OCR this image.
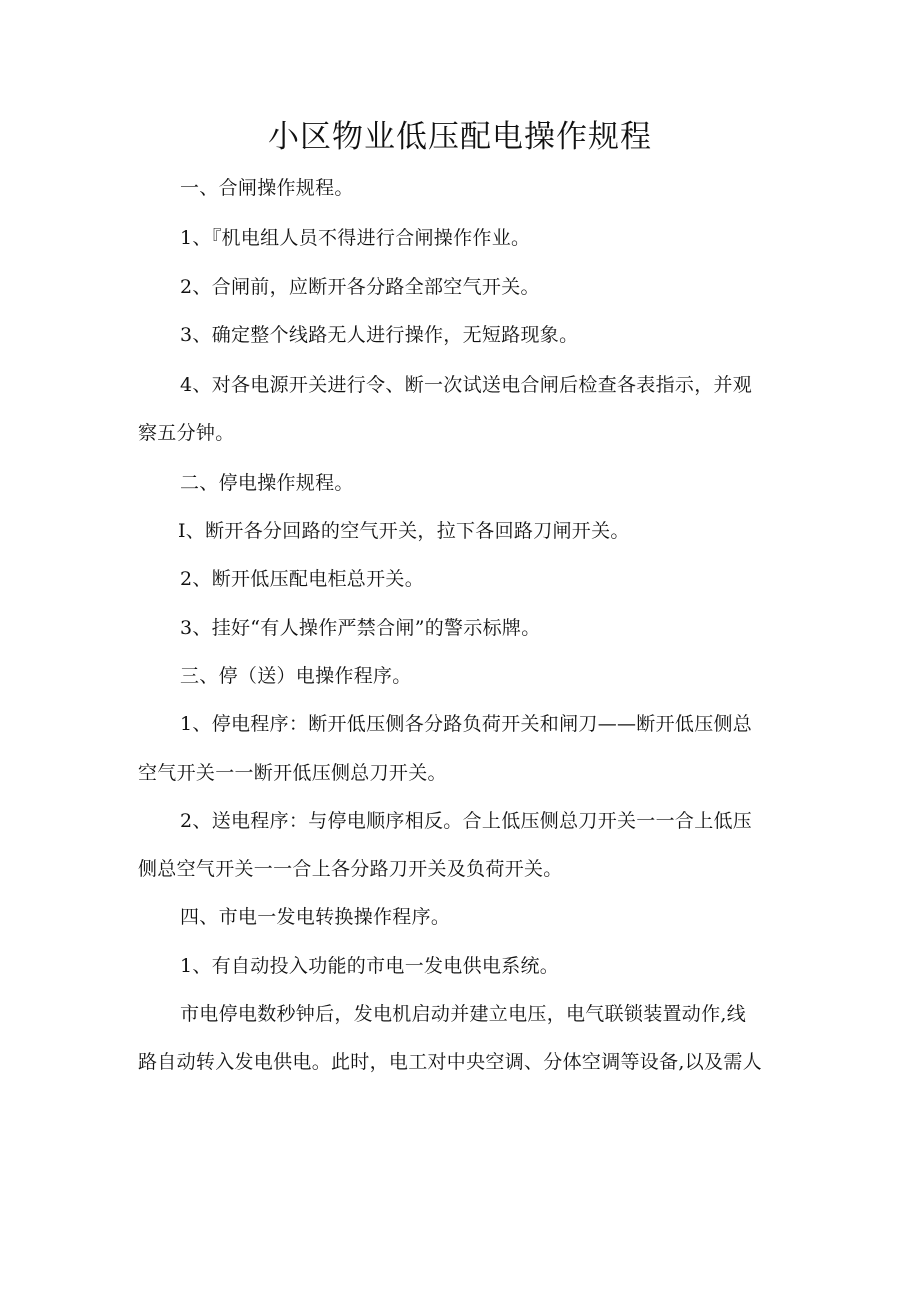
小区物业低压配电操作规程
一、合闸操作规程。
1、『机电组人员不得进行合闸操作作业。
2、合闸前，应断开各分路全部空气开关。
3、确定整个线路无人进行操作，无短路现象。
4、对各电源开关进行令、断一次试送电合闸后检查各表指示，并观
察五分钟。
二、停电操作规程。
I、断开各分回路的空气开关，拉下各回路刀闸开关。
2、断开低压配电柜总开关。
3、挂好“有人操作严禁合闸”的警示标牌。
三、停（送）电操作程序。
1、停电程序：断开低压侧各分路负荷开关和闸刀——断开低压侧总
空气开关一一断开低压侧总刀开关。
2、送电程序：与停电顺序相反。合上低压侧总刀开关一一合上低压
侧总空气开关一一合上各分路刀开关及负荷开关。
四、市电一发电转换操作程序。
1、有自动投入功能的市电一发电供电系统。
市电停电数秒钟后，发电机启动并建立电压，电气联锁装置动作,线
路自动转入发电供电。此时，电工对中央空调、分体空调等设备,以及需人
